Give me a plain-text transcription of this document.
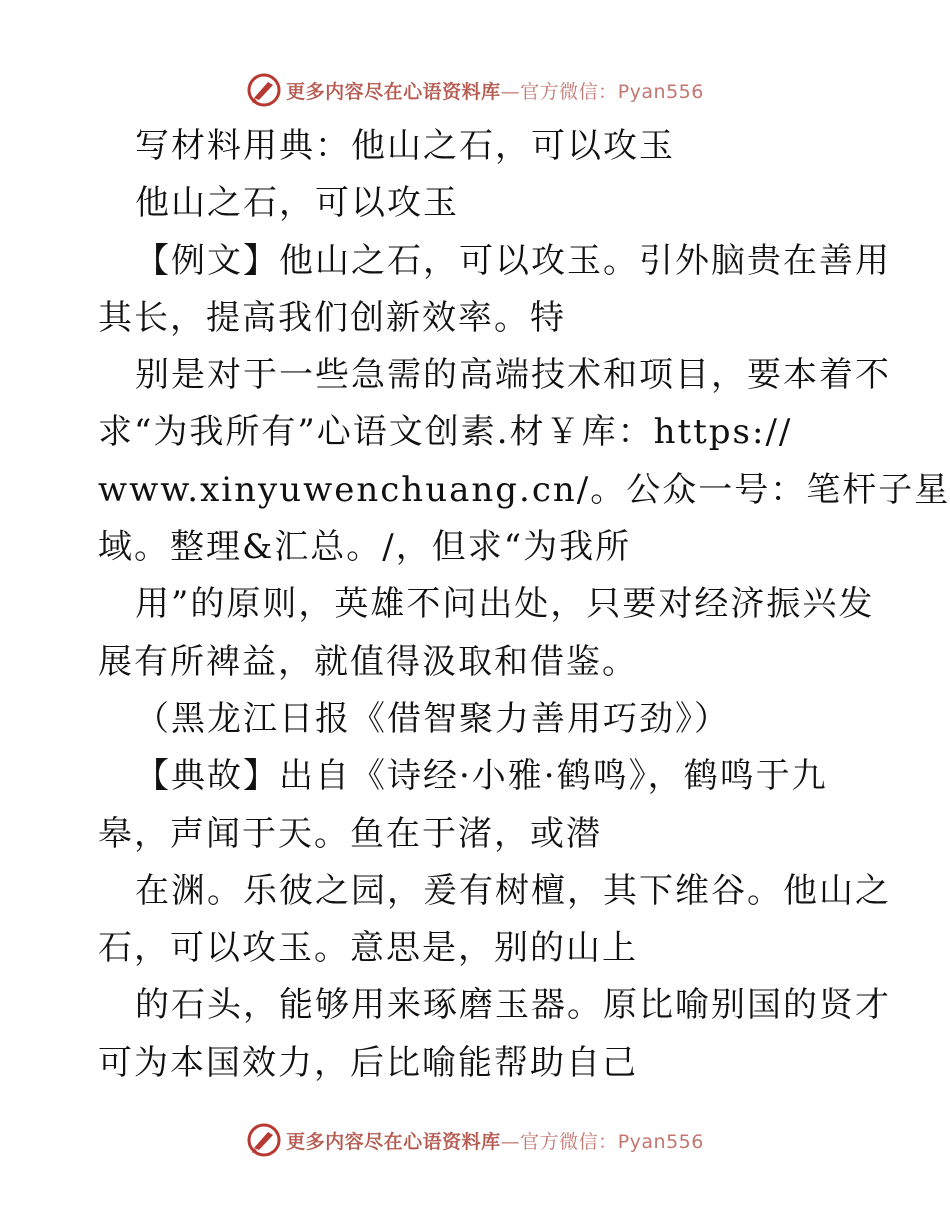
更多内容尽在心语资料库—官方微信：Pyan556
写材料用典：他山之石，可以攻玉
他山之石，可以攻玉
【例文】他山之石，可以攻玉。引外脑贵在善用
其长，提高我们创新效率。特
别是对于一些急需的高端技术和项目，要本着不
求“为我所有”心语文创素.材￥库：https://
www.xinyuwenchuang.cn/。公众一号：笔杆子星
域。整理&汇总。/，但求“为我所
用”的原则，英雄不问出处，只要对经济振兴发
展有所裨益，就值得汲取和借鉴。
（黑龙江日报《借智聚力善用巧劲》）
【典故】出自《诗经·小雅·鹤鸣》，鹤鸣于九
皋，声闻于天。鱼在于渚，或潜
在渊。乐彼之园，爰有树檀，其下维谷。他山之
石，可以攻玉。意思是，别的山上
的石头，能够用来琢磨玉器。原比喻别国的贤才
可为本国效力，后比喻能帮助自己
更多内容尽在心语资料库—官方微信：Pyan556
